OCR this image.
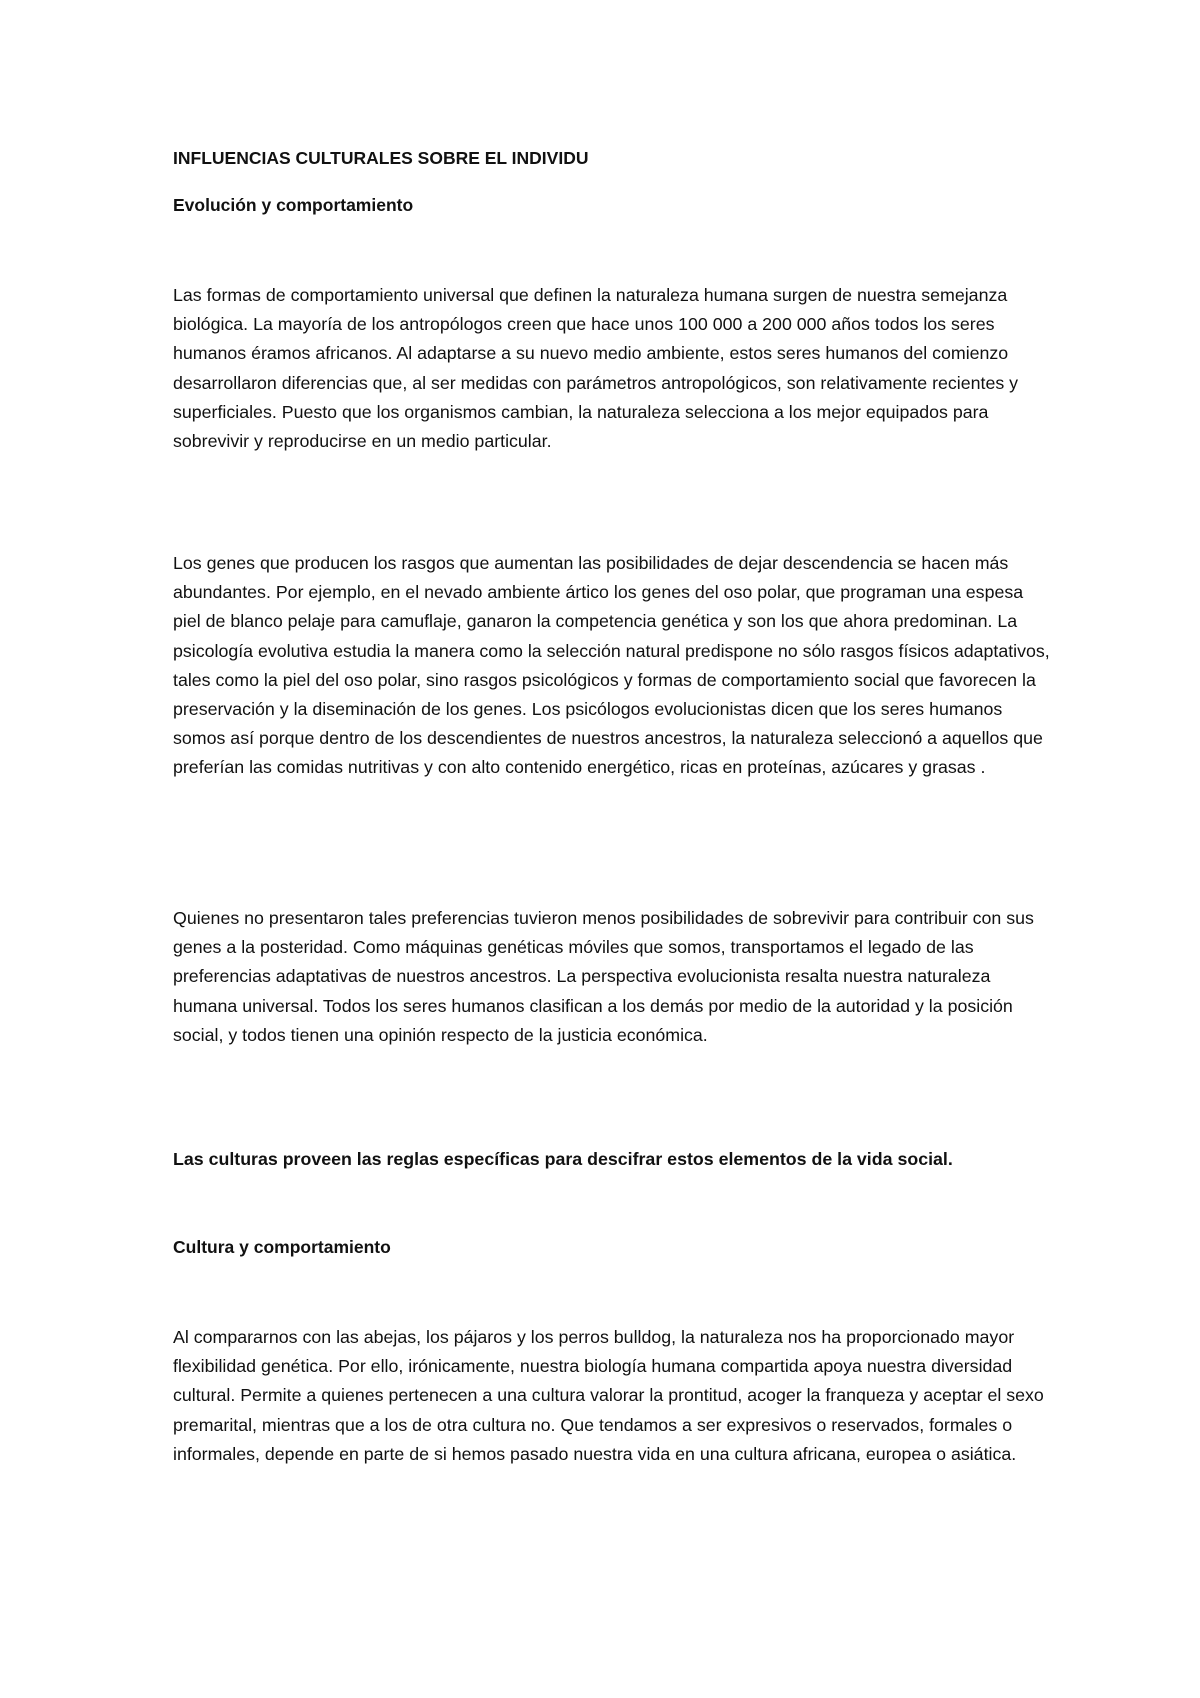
INFLUENCIAS CULTURALES SOBRE EL INDIVIDU
Evolución y comportamiento

Las formas de comportamiento universal que definen la naturaleza humana surgen de nuestra semejanza biológica. La mayoría de los antropólogos creen que hace unos 100 000 a 200 000 años todos los seres humanos éramos africanos. Al adaptarse a su nuevo medio ambiente, estos seres humanos del comienzo desarrollaron diferencias que, al ser medidas con parámetros antropológicos, son relativamente recientes y superficiales. Puesto que los organismos cambian, la naturaleza selecciona a los mejor equipados para sobrevivir y reproducirse en un medio particular.

Los genes que producen los rasgos que aumentan las posibilidades de dejar descendencia se hacen más abundantes. Por ejemplo, en el nevado ambiente ártico los genes del oso polar, que programan una espesa piel de blanco pelaje para camuflaje, ganaron la competencia genética y son los que ahora predominan. La psicología evolutiva estudia la manera como la selección natural predispone no sólo rasgos físicos adaptativos, tales como la piel del oso polar, sino rasgos psicológicos y formas de comportamiento social que favorecen la preservación y la diseminación de los genes. Los psicólogos evolucionistas dicen que los seres humanos somos así porque dentro de los descendientes de nuestros ancestros, la naturaleza seleccionó a aquellos que preferían las comidas nutritivas y con alto contenido energético, ricas en proteínas, azúcares y grasas .

Quienes no presentaron tales preferencias tuvieron menos posibilidades de sobrevivir para contribuir con sus genes a la posteridad. Como máquinas genéticas móviles que somos, transportamos el legado de las preferencias adaptativas de nuestros ancestros. La perspectiva evolucionista resalta nuestra naturaleza humana universal. Todos los seres humanos clasifican a los demás por medio de la autoridad y la posición social, y todos tienen una opinión respecto de la justicia económica.

Las culturas proveen las reglas específicas para descifrar estos elementos de la vida social.

Cultura y comportamiento

Al compararnos con las abejas, los pájaros y los perros bulldog, la naturaleza nos ha proporcionado mayor flexibilidad genética. Por ello, irónicamente, nuestra biología humana compartida apoya nuestra diversidad cultural. Permite a quienes pertenecen a una cultura valorar la prontitud, acoger la franqueza y aceptar el sexo premarital, mientras que a los de otra cultura no. Que tendamos a ser expresivos o reservados, formales o informales, depende en parte de si hemos pasado nuestra vida en una cultura africana, europea o asiática.
